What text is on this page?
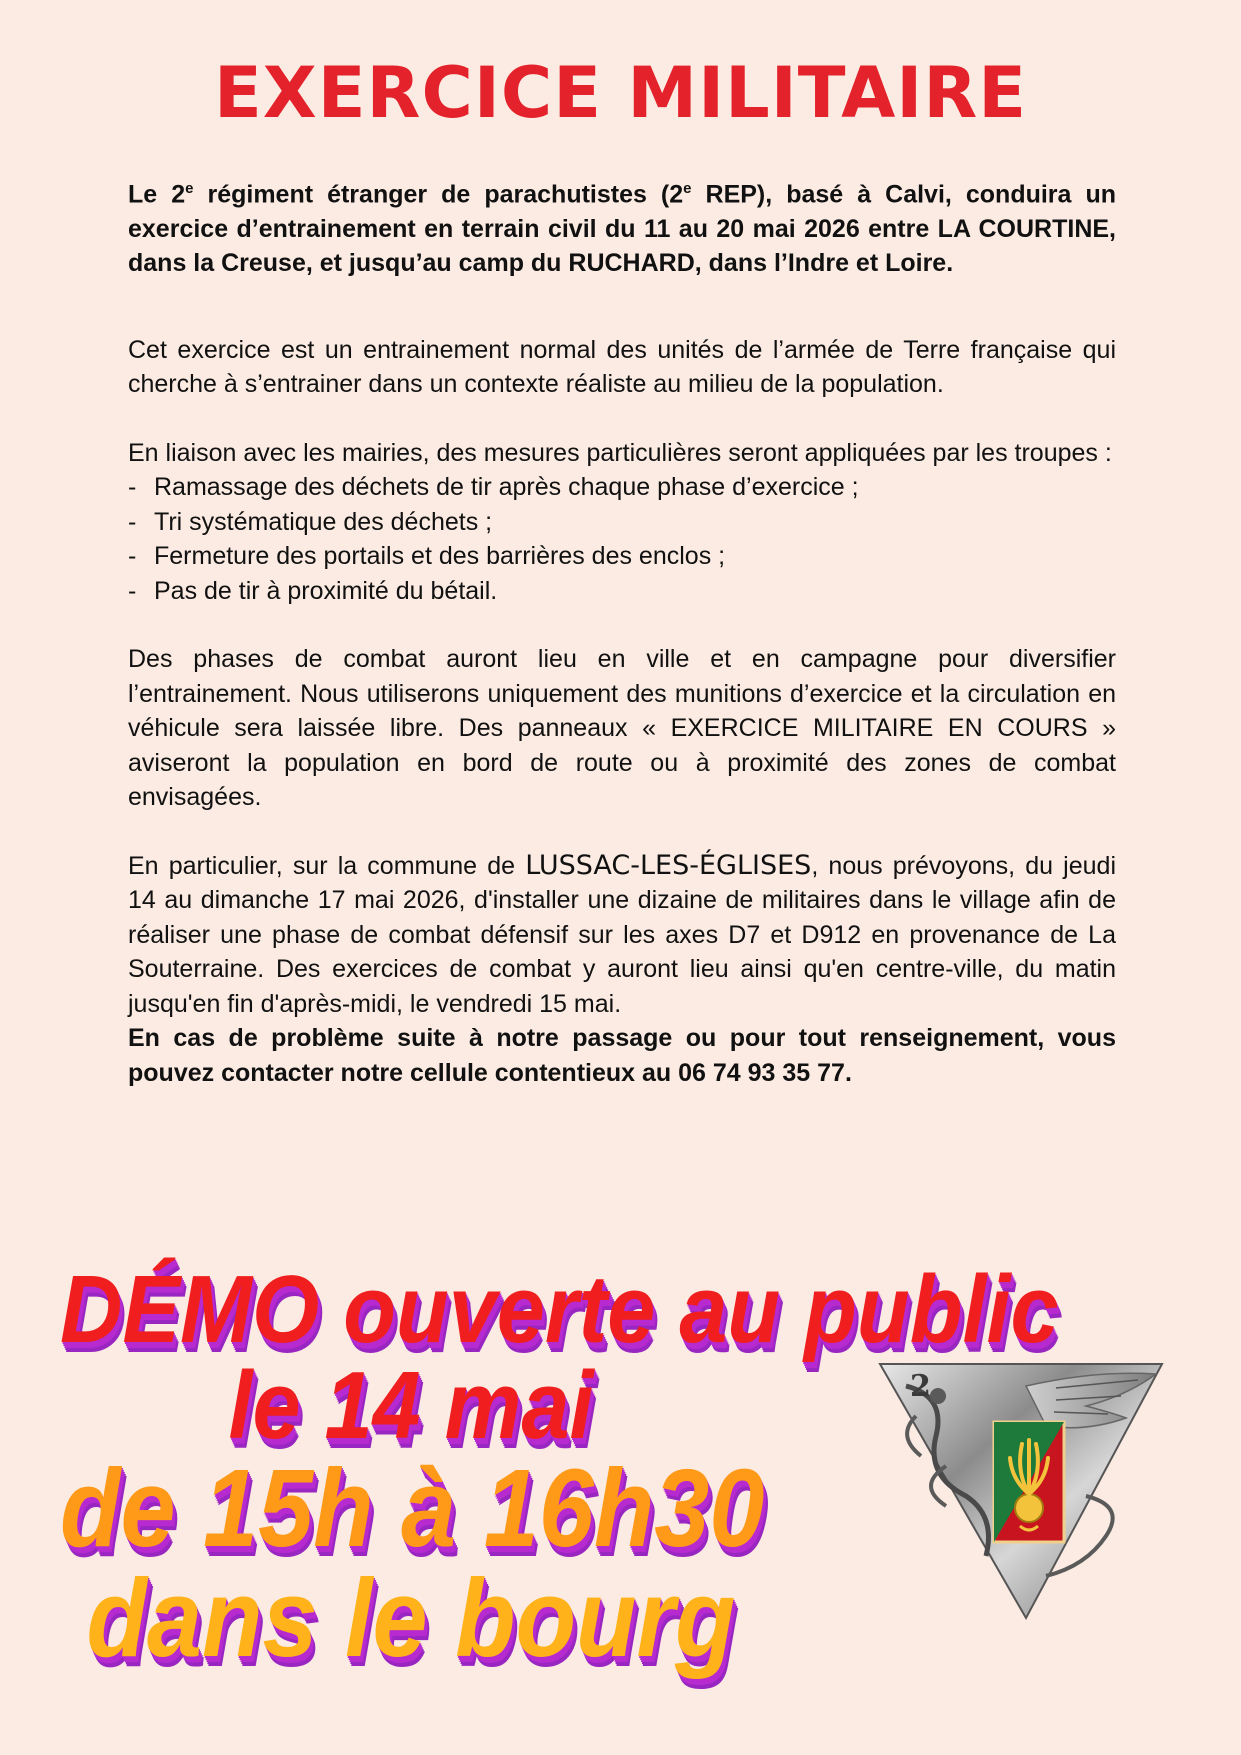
EXERCICE MILITAIRE

Le 2e régiment étranger de parachutistes (2e REP), basé à Calvi, conduira un exercice d’entrainement en terrain civil du 11 au 20 mai 2026 entre LA COURTINE, dans la Creuse, et jusqu’au camp du RUCHARD, dans l’Indre et Loire.

Cet exercice est un entrainement normal des unités de l’armée de Terre française qui cherche à s’entrainer dans un contexte réaliste au milieu de la population.

En liaison avec les mairies, des mesures particulières seront appliquées par les troupes :

- Ramassage des déchets de tir après chaque phase d’exercice ;
- Tri systématique des déchets ;
- Fermeture des portails et des barrières des enclos ;
- Pas de tir à proximité du bétail.

Des phases de combat auront lieu en ville et en campagne pour diversifier l’entrainement. Nous utiliserons uniquement des munitions d’exercice et la circulation en véhicule sera laissée libre. Des panneaux « EXERCICE MILITAIRE EN COURS » aviseront la population en bord de route ou à proximité des zones de combat envisagées.

En particulier, sur la commune de LUSSAC-LES-ÉGLISES, nous prévoyons, du jeudi 14 au dimanche 17 mai 2026, d'installer une dizaine de militaires dans le village afin de réaliser une phase de combat défensif sur les axes D7 et D912 en provenance de La Souterraine. Des exercices de combat y auront lieu ainsi qu'en centre-ville, du matin jusqu'en fin d'après-midi, le vendredi 15 mai.

En cas de problème suite à notre passage ou pour tout renseignement, vous pouvez contacter notre cellule contentieux au 06 74 93 35 77.

DÉMO ouverte au public
le 14 mai
de 15h à 16h30
dans le bourg
2
